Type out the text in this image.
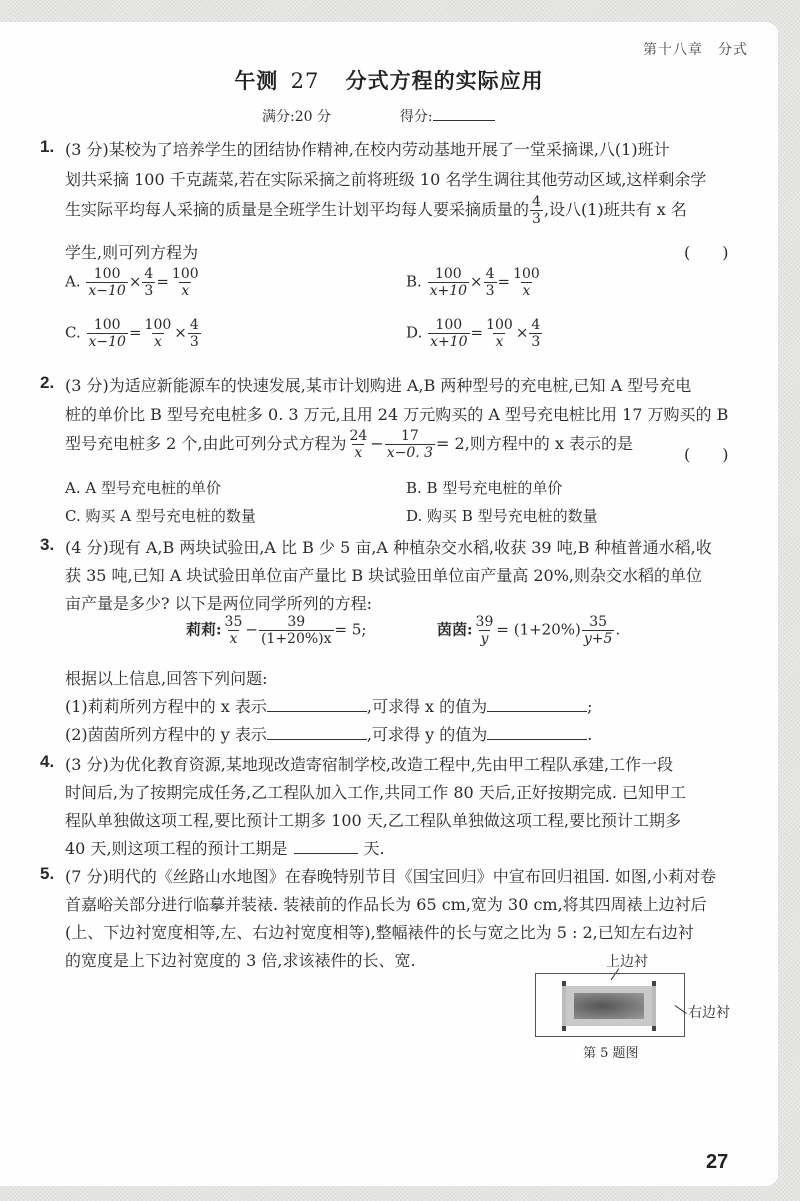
第十八章　分式
午测 27 分式方程的实际应用
满分:20 分	得分:
1. (3 分)某校为了培养学生的团结协作精神,在校内劳动基地开展了一堂采摘课,八(1)班计
划共采摘 100 千克蔬菜,若在实际采摘之前将班级 10 名学生调往其他劳动区域,这样剩余学
生实际平均每人采摘的质量是全班学生计划平均每人要采摘质量的 $\frac{4}{3}$ ,设八(1)班共有 x 名
学生,则可列方程为	(　　)
A. $\frac{100}{x-10} \times \frac{4}{3} = \frac{100}{x}$	B. $\frac{100}{x+10} \times \frac{4}{3} = \frac{100}{x}$
C. $\frac{100}{x-10} = \frac{100}{x} \times \frac{4}{3}$	D. $\frac{100}{x+10} = \frac{100}{x} \times \frac{4}{3}$
2. (3 分)为适应新能源车的快速发展,某市计划购进 A,B 两种型号的充电桩,已知 A 型号充电
桩的单价比 B 型号充电桩多 0. 3 万元,且用 24 万元购买的 A 型号充电桩比用 17 万购买的 B
型号充电桩多 2 个,由此可列分式方程为 $\frac{24}{x} - \frac{17}{x-0. 3} = 2$,则方程中的 x 表示的是
(　　)
A. A 型号充电桩的单价	B. B 型号充电桩的单价
C. 购买 A 型号充电桩的数量	D. 购买 B 型号充电桩的数量
3. (4 分)现有 A,B 两块试验田,A 比 B 少 5 亩,A 种植杂交水稻,收获 39 吨,B 种植普通水稻,收
获 35 吨,已知 A 块试验田单位亩产量比 B 块试验田单位亩产量高 20%,则杂交水稻的单位
亩产量是多少? 以下是两位同学所列的方程:
莉莉: $\frac{35}{x} - \frac{39}{(1+20\%)x} = 5$;	茵茵: $\frac{39}{y} = (1+20\%) \frac{35}{y+5}$ .
根据以上信息,回答下列问题:
(1)莉莉所列方程中的 x 表示	,可求得 x 的值为	;
(2)茵茵所列方程中的 y 表示	,可求得 y 的值为	.
4. (3 分)为优化教育资源,某地现改造寄宿制学校,改造工程中,先由甲工程队承建,工作一段
时间后,为了按期完成任务,乙工程队加入工作,共同工作 80 天后,正好按期完成. 已知甲工
程队单独做这项工程,要比预计工期多 100 天,乙工程队单独做这项工程,要比预计工期多
40 天,则这项工程的预计工期是	天.
5. (7 分)明代的《丝路山水地图》在春晚特别节目《国宝回归》中宣布回归祖国. 如图,小莉对卷
首嘉峪关部分进行临摹并装裱. 装裱前的作品长为 65 cm,宽为 30 cm,将其四周裱上边衬后
(上、下边衬宽度相等,左、右边衬宽度相等),整幅裱件的长与宽之比为 5 : 2,已知左右边衬
的宽度是上下边衬宽度的 3 倍,求该裱件的长、宽.	上边衬
右边衬
第 5 题图
27
